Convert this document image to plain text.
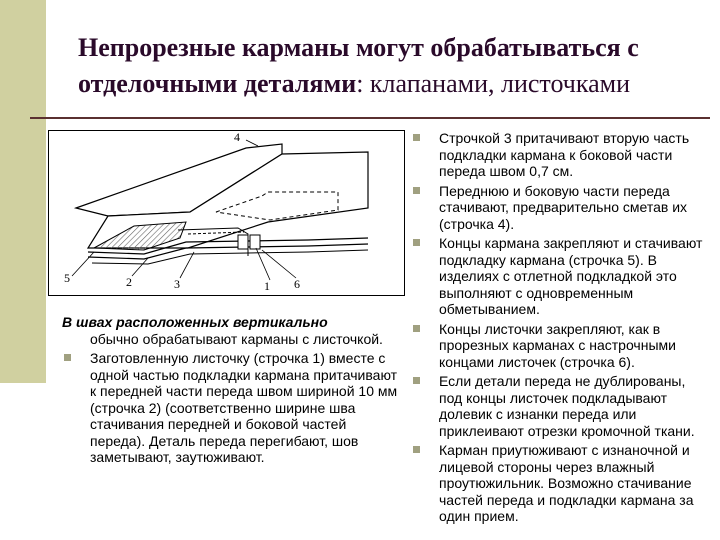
Непрорезные карманы могут обрабатываться с отделочными деталями: клапанами, листочками
4
5	2	3	1 6

В швах расположенных вертикально
обычно обрабатывают карманы с листочкой.

Заготовленную листочку (строчка 1) вместе с одной частью подкладки кармана притачивают к передней части переда швом шириной 10 мм (строчка 2) (соответственно ширине шва стачивания передней и боковой частей переда). Деталь переда перегибают, шов заметывают, заутюживают.
Строчкой 3 притачивают вторую часть подкладки кармана к боковой части переда швом 0,7 см.
Переднюю и боковую части переда стачивают, предварительно сметав их (строчка 4).
Концы кармана закрепляют и стачивают подкладку кармана (строчка 5). В изделиях с отлетной подкладкой это выполняют с одновременным обметыванием.
Концы листочки закрепляют, как в прорезных карманах с настрочными концами листочек (строчка 6).
Если детали переда не дублированы, под концы листочек подкладывают долевик с изнанки переда или приклеивают отрезки кромочной ткани.
Карман приутюживают с изнаночной и лицевой стороны через влажный проутюжильник. Возможно стачивание частей переда и подкладки кармана за один прием.
